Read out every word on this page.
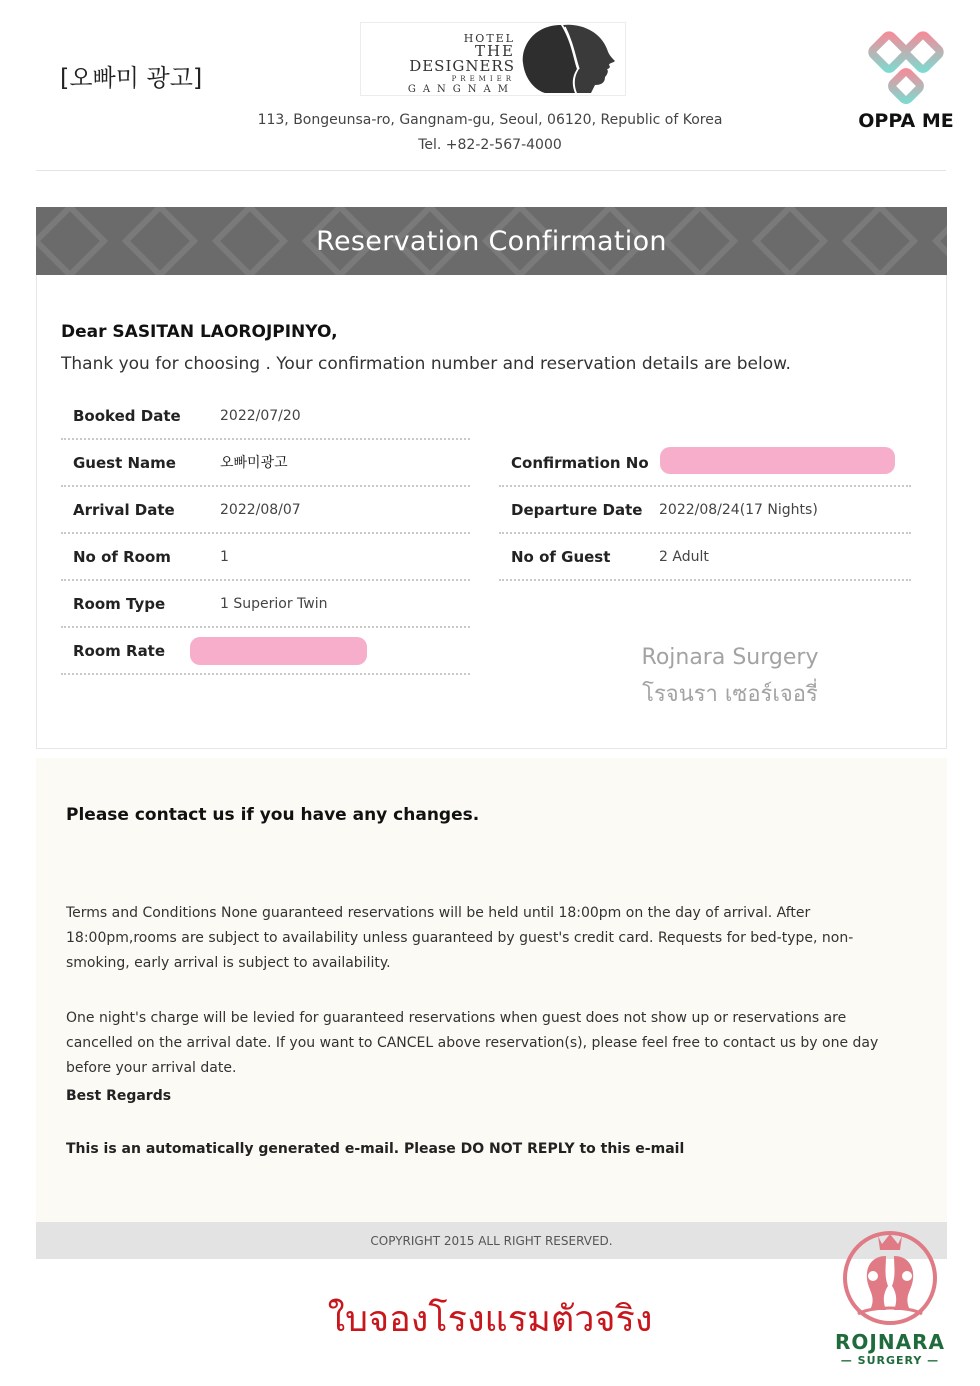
[오빠미 광고]
HOTEL
THE
DESIGNERS
PREMIER
GANGNAM
OPPA ME
113, Bongeunsa-ro, Gangnam-gu, Seoul, 06120, Republic of Korea
Tel. +82-2-567-4000
Reservation Confirmation
Dear SASITAN LAOROJPINYO,
Thank you for choosing . Your confirmation number and reservation details are below.
Booked Date	2022/07/20
Guest Name	오빠미광고
Arrival Date	2022/08/07
No of Room	1
Room Type	1 Superior Twin
Room Rate
Confirmation No
Departure Date 2022/08/24(17 Nights)
No of Guest	2 Adult
Rojnara Surgery
โรจนรา เซอร์เจอรี่
Please contact us if you have any changes.
Terms and Conditions None guaranteed reservations will be held until 18:00pm on the day of arrival. After 18:00pm,rooms are subject to availability unless guaranteed by guest's credit card. Requests for bed-type, non-smoking, early arrival is subject to availability.
One night's charge will be levied for guaranteed reservations when guest does not show up or reservations are cancelled on the arrival date. If you want to CANCEL above reservation(s), please feel free to contact us by one day before your arrival date.
Best Regards
This is an automatically generated e-mail. Please DO NOT REPLY to this e-mail
COPYRIGHT 2015 ALL RIGHT RESERVED.
ใบจองโรงแรมตัวจริง
ROJNARA
— SURGERY —
